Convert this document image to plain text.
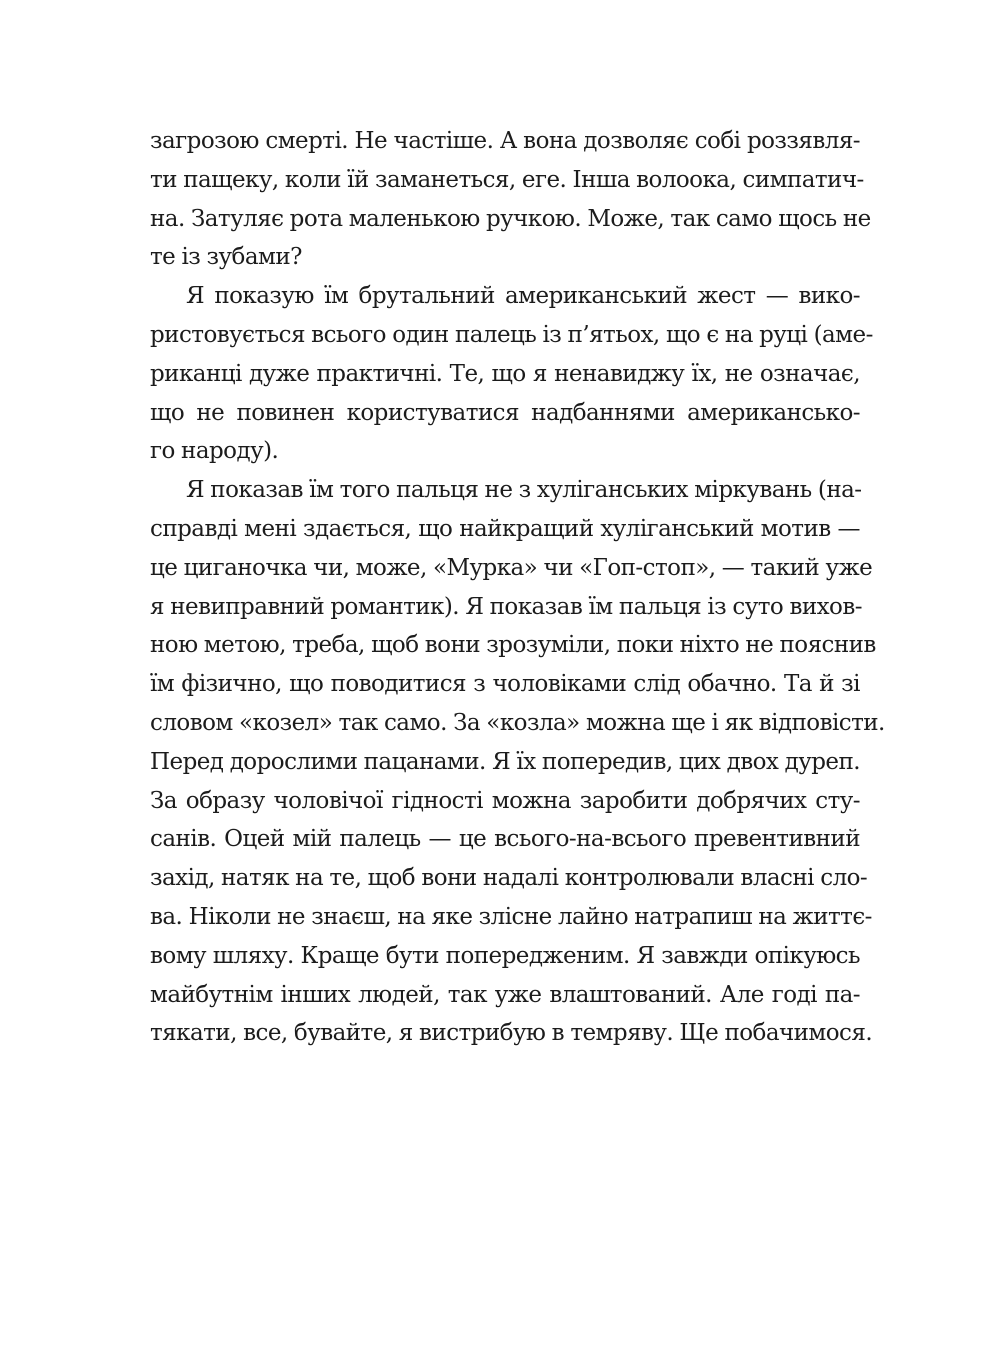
загрозою смерті. Не частіше. А вона дозволяє собі роззявля-
ти пащеку, коли їй заманеться, еге. Інша волоока, симпатич-
на. Затуляє рота маленькою ручкою. Може, так само щось не
те із зубами?
Я показую їм брутальний американський жест — вико-
ристовується всього один палець із п’ятьох, що є на руці (аме-
риканці дуже практичні. Те, що я ненавиджу їх, не означає,
що не повинен користуватися надбаннями американсько-
го народу).
Я показав їм того пальця не з хуліганських міркувань (на-
справді мені здається, що найкращий хуліганський мотив —
це циганочка чи, може, «Мурка» чи «Гоп-стоп», — такий уже
я невиправний романтик). Я показав їм пальця із суто вихов-
ною метою, треба, щоб вони зрозуміли, поки ніхто не пояснив
їм фізично, що поводитися з чоловіками слід обачно. Та й зі
словом «козел» так само. За «козла» можна ще і як відповісти.
Перед дорослими пацанами. Я їх попередив, цих двох дуреп.
За образу чоловічої гідності можна заробити добрячих сту-
санів. Оцей мій палець — це всього-на-всього превентивний
захід, натяк на те, щоб вони надалі контролювали власні сло-
ва. Ніколи не знаєш, на яке злісне лайно натрапиш на життє-
вому шляху. Краще бути попередженим. Я завжди опікуюсь
майбутнім інших людей, так уже влаштований. Але годі па-
тякати, все, бувайте, я вистрибую в темряву. Ще побачимося.
